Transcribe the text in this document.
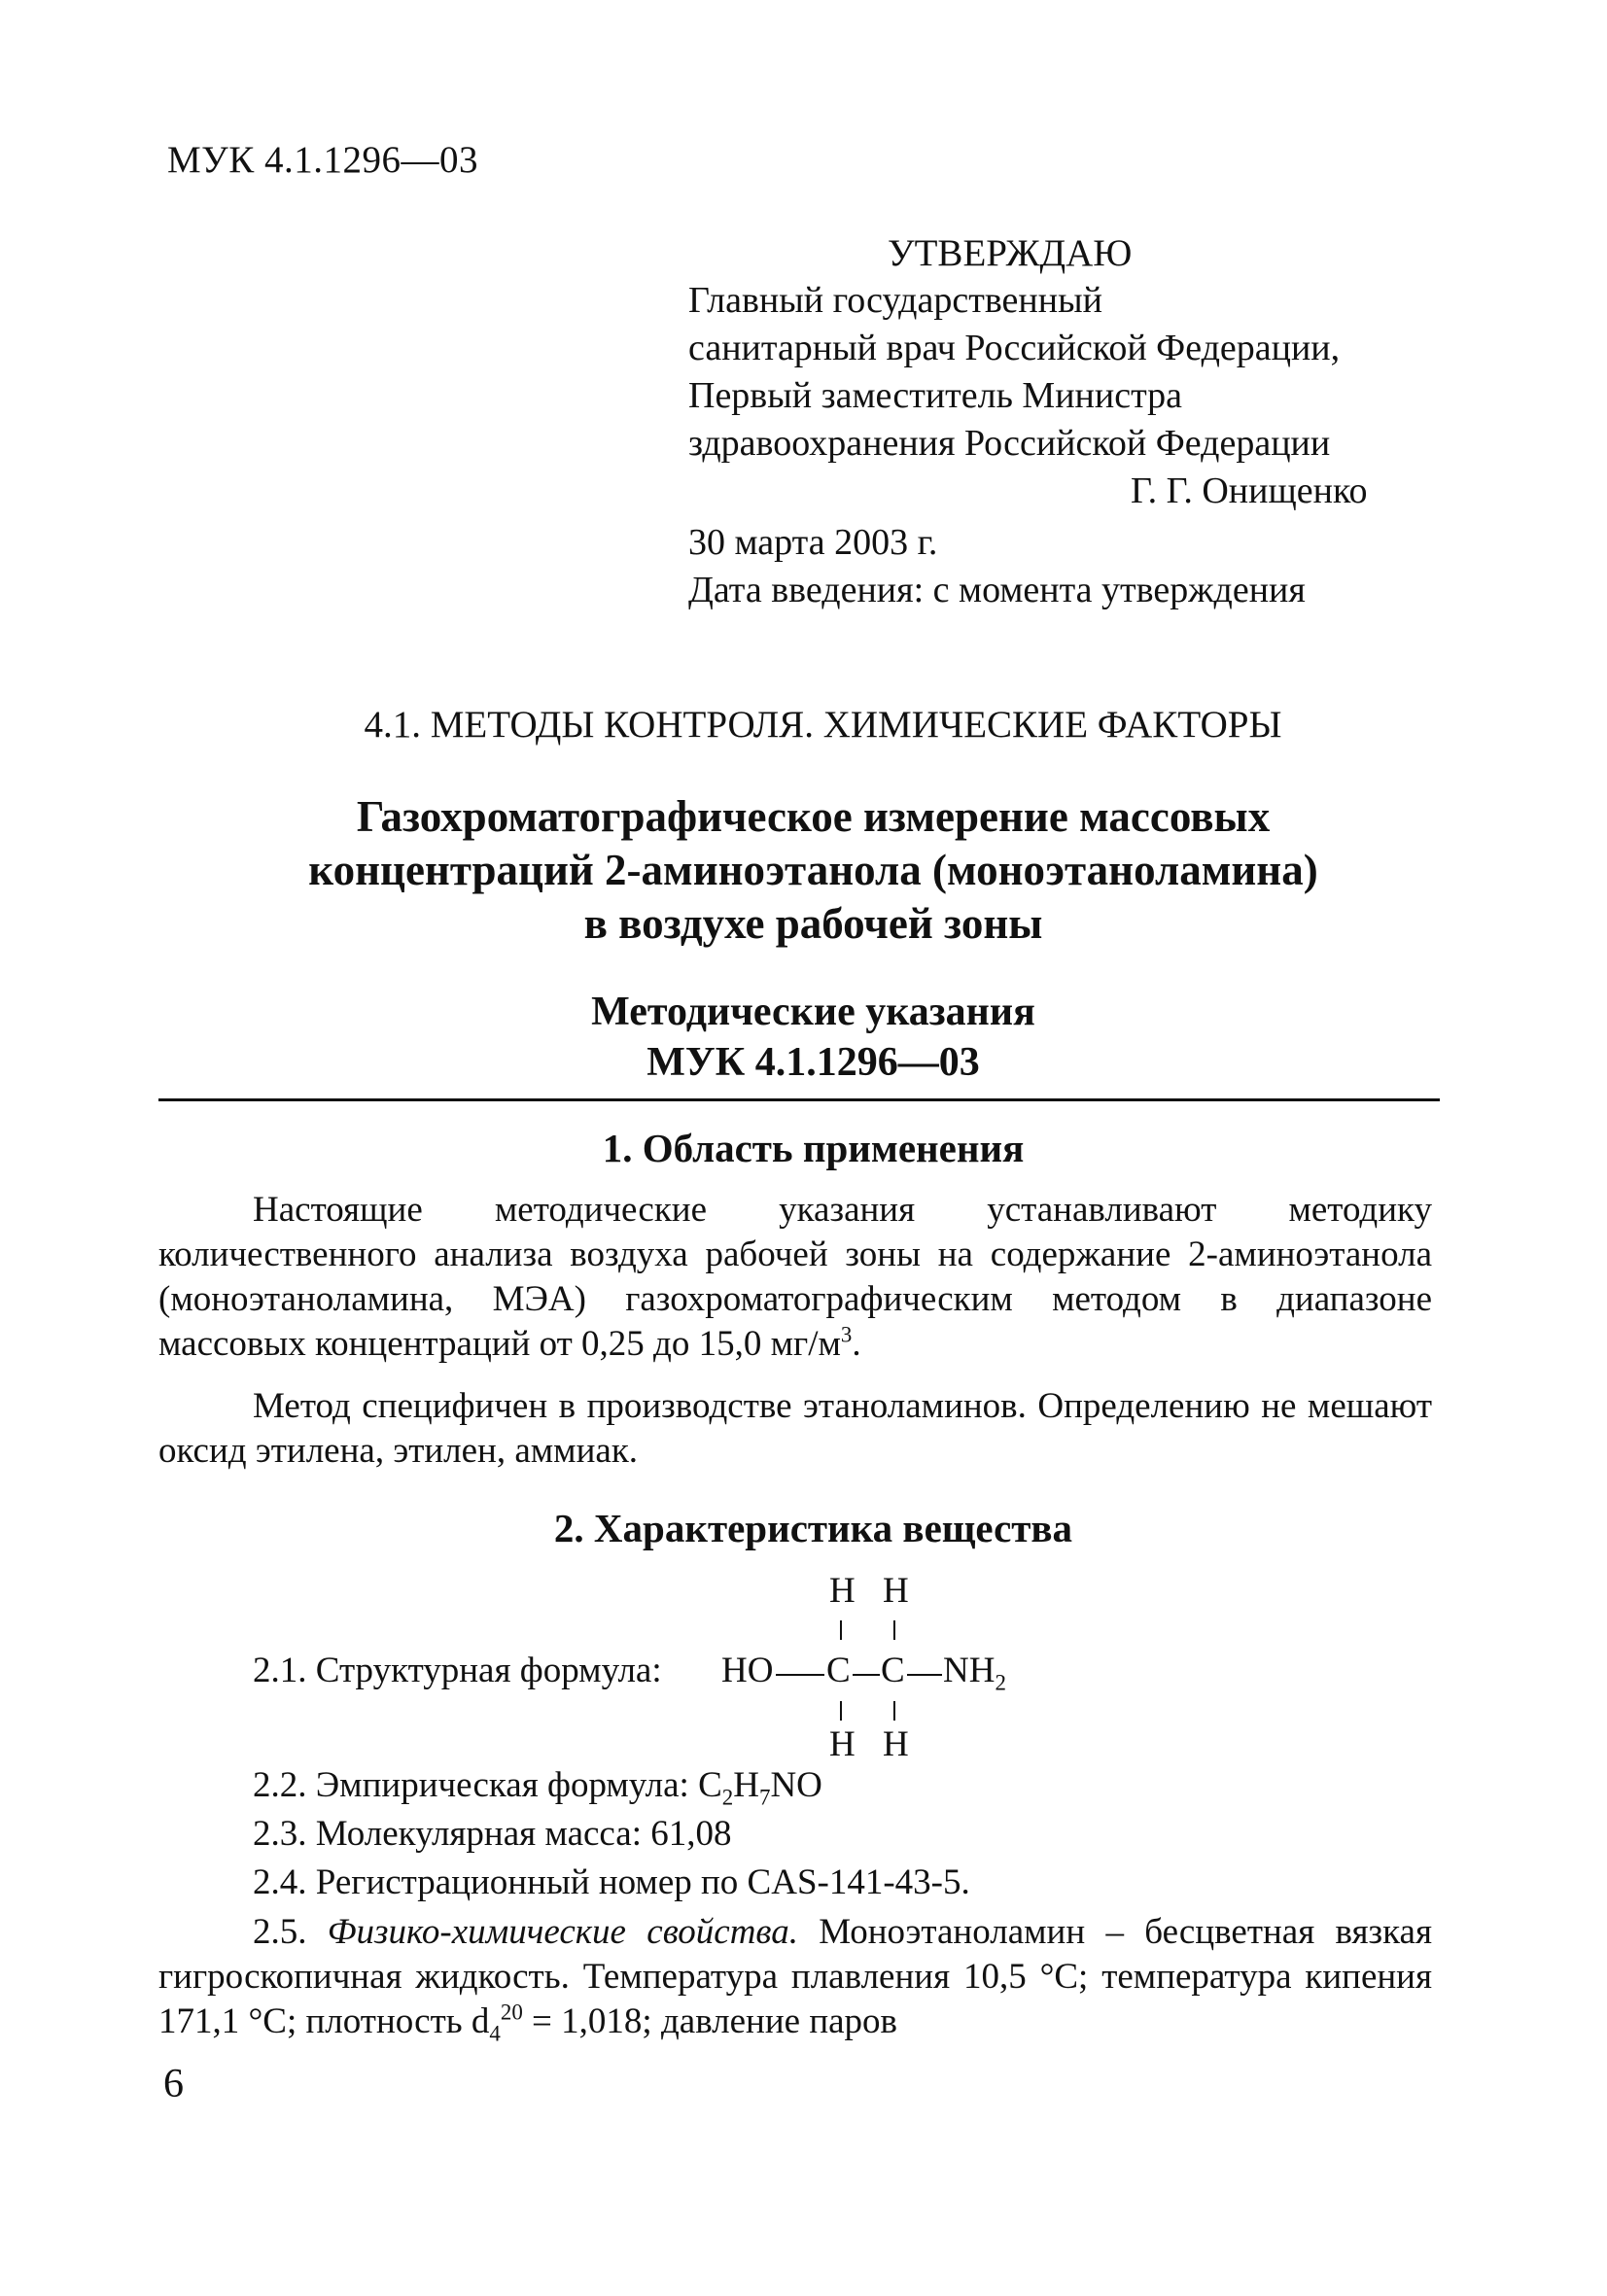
МУК 4.1.1296—03
УТВЕРЖДАЮ
Главный государственный
санитарный врач Российской Федерации,
Первый заместитель Министра
здравоохранения Российской Федерации
Г. Г. Онищенко
30 марта 2003 г.
Дата введения: с момента утверждения
4.1. МЕТОДЫ КОНТРОЛЯ. ХИМИЧЕСКИЕ ФАКТОРЫ
Газохроматографическое измерение массовых
концентраций 2-аминоэтанола (моноэтаноламина)
в воздухе рабочей зоны
Методические указания
МУК 4.1.1296—03
1. Область применения
Настоящие методические указания устанавливают методику количественного анализа воздуха рабочей зоны на содержание 2-аминоэтанола (моноэтаноламина, МЭА) газохроматографическим методом в диапазоне массовых концентраций от 0,25 до 15,0 $мг/м^3$.
Метод специфичен в производстве этаноламинов. Определению не мешают оксид этилена, этилен, аммиак.
2. Характеристика вещества
2.1. Структурная формула:
H H
HO C C $NH_2$
H H
2.2. Эмпирическая формула: $C_2H_7NO$
2.3. Молекулярная масса: 61,08
2.4. Регистрационный номер по CAS-141-43-5.
2.5. Физико-химические свойства. Моноэтаноламин – бесцветная вязкая гигроскопичная жидкость. Температура плавления 10,5 °С; температура кипения 171,1 °С; плотность $d_4^{20} = 1,018$; давление паров
6
